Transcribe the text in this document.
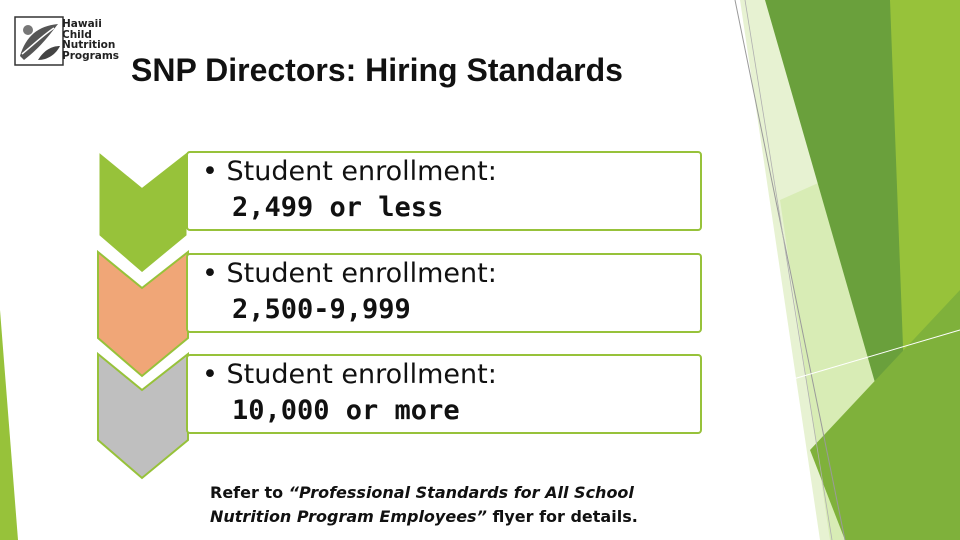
Hawaii
Child
Nutrition
Programs SNP Directors: Hiring Standards
• Student enrollment:
2,499 or less
• Student enrollment:
2,500-9,999
• Student enrollment:
10,000 or more
Refer to “Professional Standards for All School
Nutrition Program Employees” flyer for details.
